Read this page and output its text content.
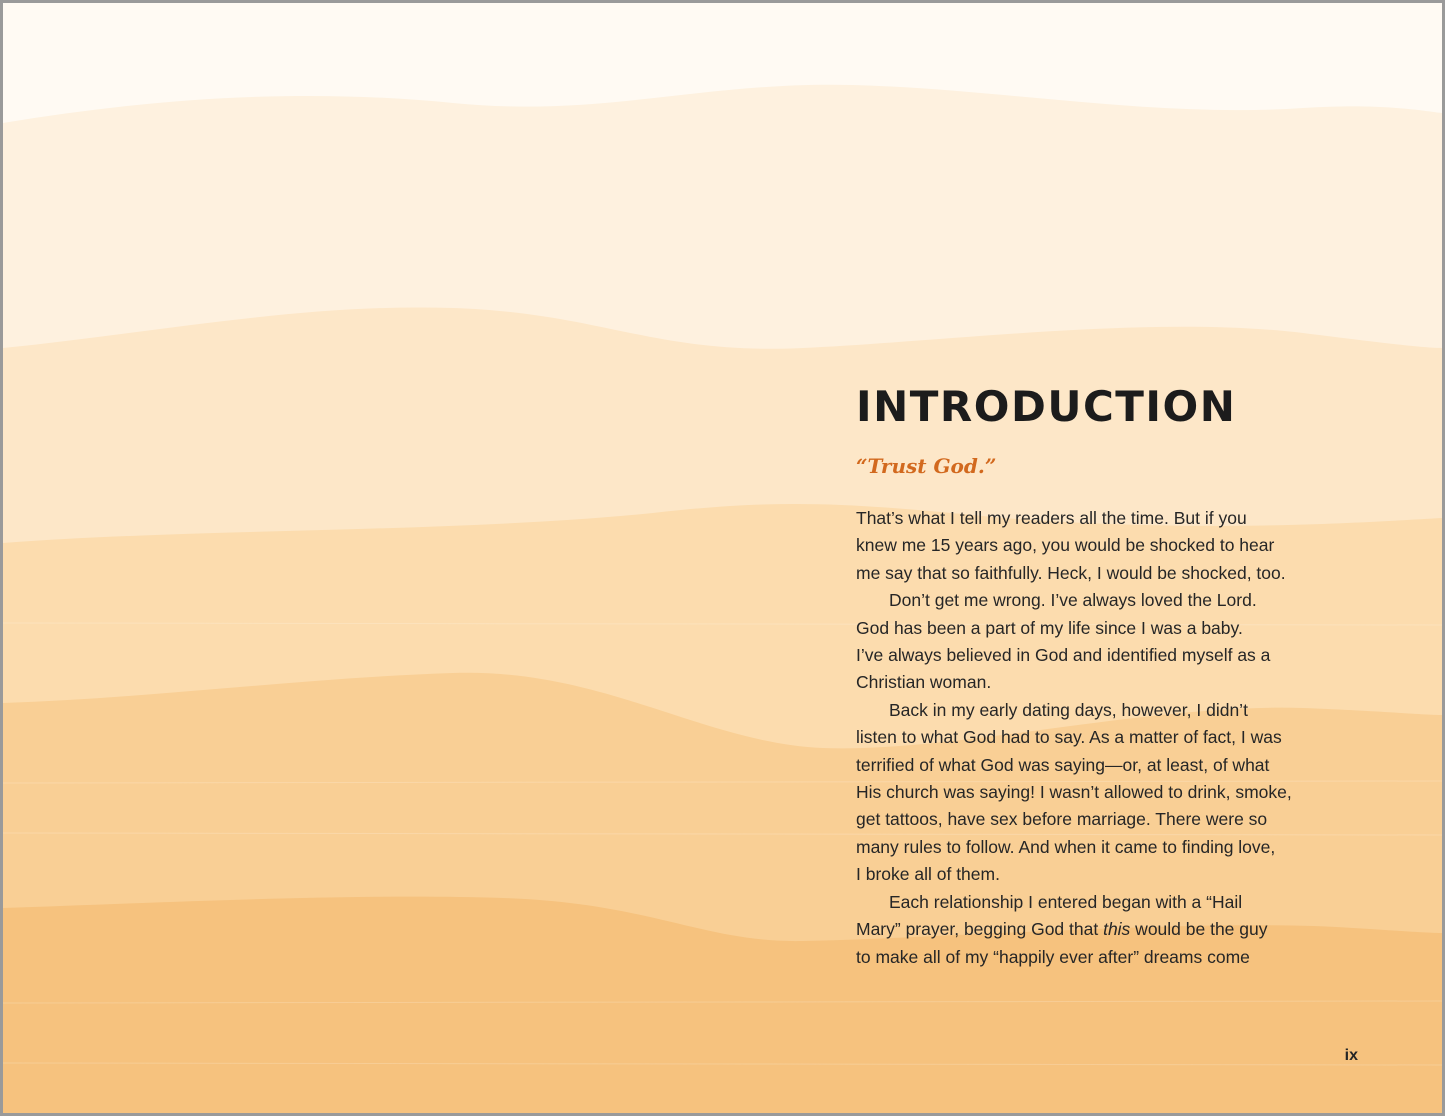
INTRODUCTION

“Trust God.”

That’s what I tell my readers all the time. But if you
knew me 15 years ago, you would be shocked to hear
me say that so faithfully. Heck, I would be shocked, too.
Don’t get me wrong. I’ve always loved the Lord.
God has been a part of my life since I was a baby.
I’ve always believed in God and identified myself as a
Christian woman.
Back in my early dating days, however, I didn’t
listen to what God had to say. As a matter of fact, I was
terrified of what God was saying—or, at least, of what
His church was saying! I wasn’t allowed to drink, smoke,
get tattoos, have sex before marriage. There were so
many rules to follow. And when it came to finding love,
I broke all of them.
Each relationship I entered began with a “Hail
Mary” prayer, begging God that this would be the guy
to make all of my “happily ever after” dreams come
ix
